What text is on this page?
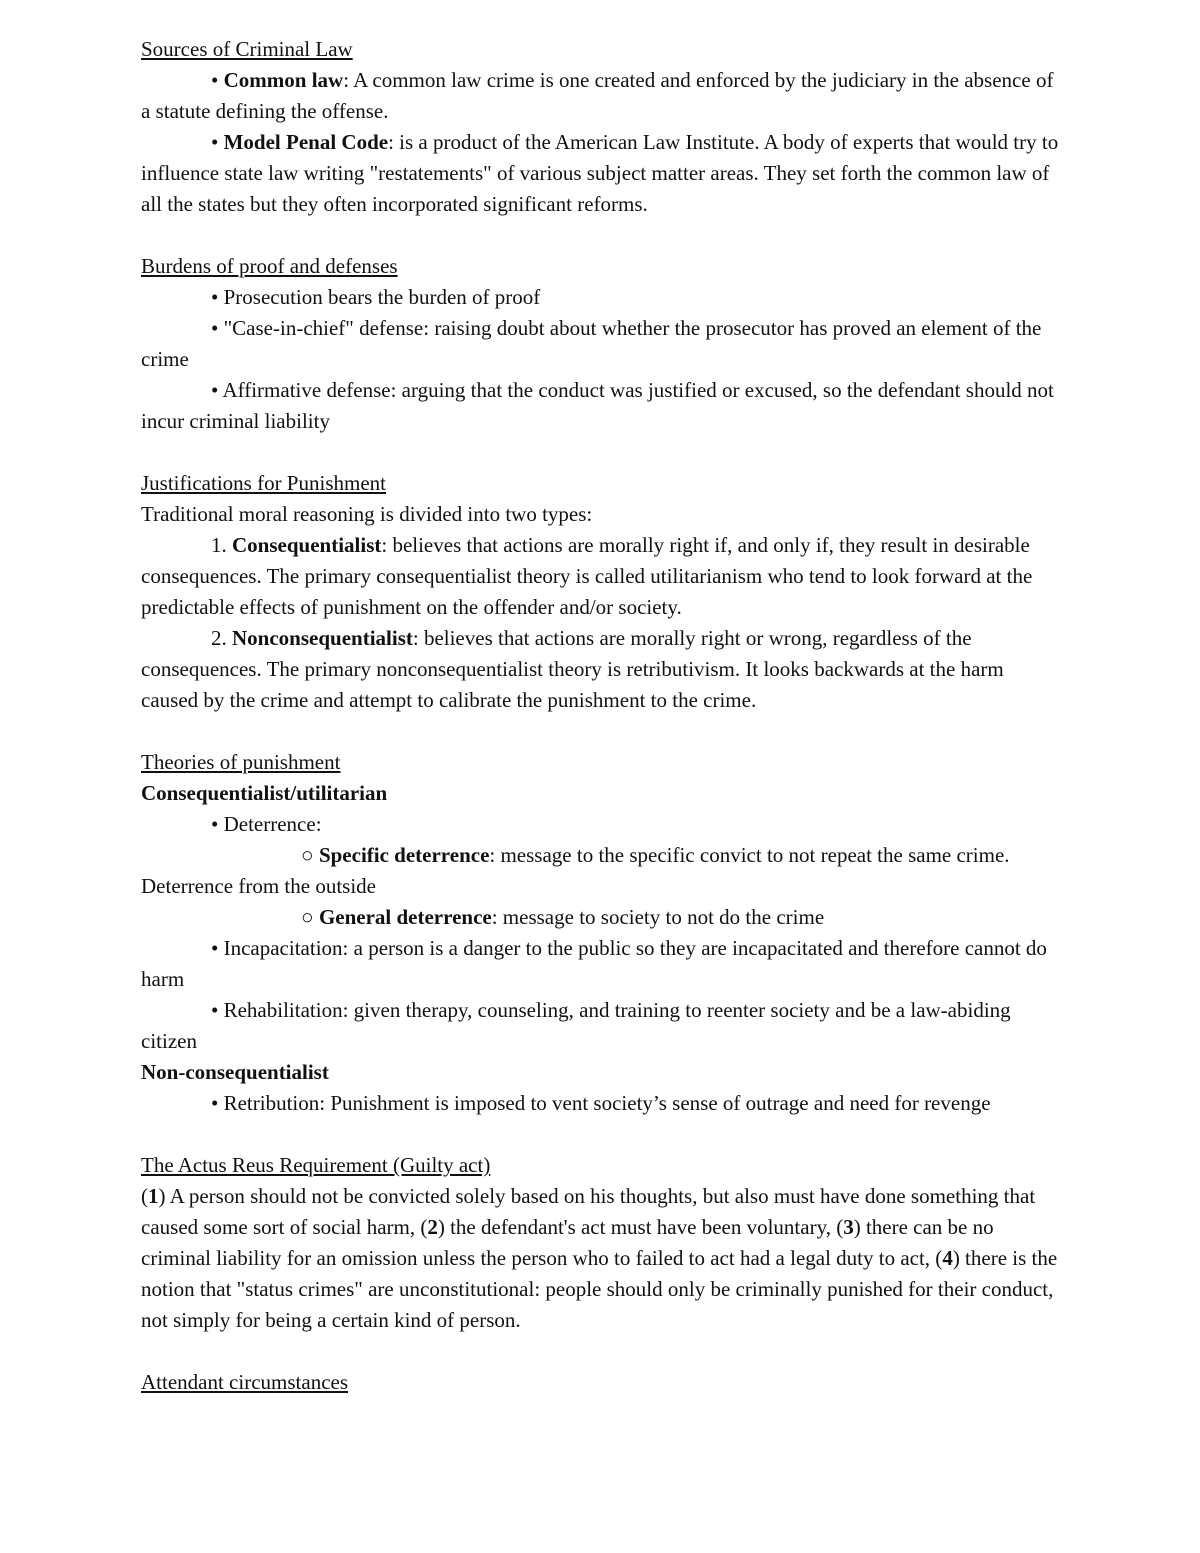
Sources of Criminal Law
• Common law: A common law crime is one created and enforced by the judiciary in the absence of a statute defining the offense.
• Model Penal Code: is a product of the American Law Institute. A body of experts that would try to influence state law writing "restatements" of various subject matter areas. They set forth the common law of all the states but they often incorporated significant reforms.
Burdens of proof and defenses
• Prosecution bears the burden of proof
• "Case-in-chief" defense: raising doubt about whether the prosecutor has proved an element of the crime
• Affirmative defense: arguing that the conduct was justified or excused, so the defendant should not incur criminal liability
Justifications for Punishment
Traditional moral reasoning is divided into two types:
1. Consequentialist: believes that actions are morally right if, and only if, they result in desirable consequences. The primary consequentialist theory is called utilitarianism who tend to look forward at the predictable effects of punishment on the offender and/or society.
2. Nonconsequentialist: believes that actions are morally right or wrong, regardless of the consequences. The primary nonconsequentialist theory is retributivism. It looks backwards at the harm caused by the crime and attempt to calibrate the punishment to the crime.
Theories of punishment
Consequentialist/utilitarian
• Deterrence:
○ Specific deterrence: message to the specific convict to not repeat the same crime. Deterrence from the outside
○ General deterrence: message to society to not do the crime
• Incapacitation: a person is a danger to the public so they are incapacitated and therefore cannot do harm
• Rehabilitation: given therapy, counseling, and training to reenter society and be a law-abiding citizen
Non-consequentialist
• Retribution: Punishment is imposed to vent society’s sense of outrage and need for revenge
The Actus Reus Requirement (Guilty act)
(1) A person should not be convicted solely based on his thoughts, but also must have done something that caused some sort of social harm, (2) the defendant's act must have been voluntary, (3) there can be no criminal liability for an omission unless the person who to failed to act had a legal duty to act, (4) there is the notion that "status crimes" are unconstitutional: people should only be criminally punished for their conduct, not simply for being a certain kind of person.
Attendant circumstances
